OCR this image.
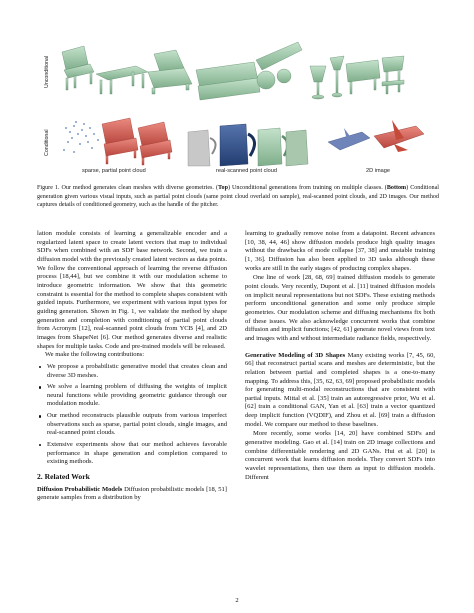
Unconditional
Conditional
sparse, partial point cloud	real-scanned point cloud	2D image
Figure 1. Our method generates clean meshes with diverse geometries. (Top) Unconditional generations from training on multiple classes. (Bottom) Conditional generation given various visual inputs, such as partial point clouds (same point cloud overlaid on sample), real-scanned point clouds, and 2D images. Our method captures details of conditioned geometry, such as the handle of the pitcher.

lation module consists of learning a generalizable encoder and a regularized latent space to create latent vectors that map to individual SDFs when combined with an SDF base network. Second, we train a diffusion model with the previously created latent vectors as data points. We follow the conventional approach of learning the reverse diffusion process [18,44], but we combine it with our modulation scheme to introduce geometric information. We show that this geometric constraint is essential for the method to complete shapes consistent with guided inputs. Furthermore, we experiment with various input types for guiding generation. Shown in Fig. 1, we validate the method by shape generation and completion with conditioning of partial point clouds from Acronym [12], real-scanned point clouds from YCB [4], and 2D images from ShapeNet [6]. Our method generates diverse and realistic shapes for multiple tasks. Code and pre-trained models will be released.

We make the following contributions:

We propose a probabilistic generative model that creates clean and diverse 3D meshes.
We solve a learning problem of diffusing the weights of implicit neural functions while providing geometric guidance through our modulation module.
Our method reconstructs plausible outputs from various imperfect observations such as sparse, partial point clouds, single images, and real-scanned point clouds.
Extensive experiments show that our method achieves favorable performance in shape generation and completion compared to existing methods.
2. Related Work

Diffusion Probabilistic Models Diffusion probabilistic models [18, 51] generate samples from a distribution by

learning to gradually remove noise from a datapoint. Recent advances [10, 38, 44, 46] show diffusion models produce high quality images without the drawbacks of mode collapse [37, 38] and unstable training [1, 36]. Diffusion has also been applied to 3D tasks although these works are still in the early stages of producing complex shapes.

One line of work [28, 68, 69] trained diffusion models to generate point clouds. Very recently, Dupont et al. [11] trained diffusion models on implicit neural representations but not SDFs. These existing methods perform unconditional generation and some only produce simple geometries. Our modulation scheme and diffusing mechanisms fix both of these issues. We also acknowledge concurrent works that combine diffusion and implicit functions; [42, 61] generate novel views from text and images with and without intermediate radiance fields, respectively.

Generative Modeling of 3D Shapes Many existing works [7, 45, 60, 66] that reconstruct partial scans and meshes are deterministic, but the relation between partial and completed shapes is a one-to-many mapping. To address this, [35, 62, 63, 69] proposed probabilistic models for generating multi-modal reconstructions that are consistent with partial inputs. Mittal et al. [35] train an autoregressive prior, Wu et al. [62] train a conditional GAN, Yan et al. [63] train a vector quantized deep implicit function (VQDIF), and Zhou et al. [69] train a diffusion model. We compare our method to these baselines.

More recently, some works [14, 20] have combined SDFs and generative modeling. Gao et al. [14] train on 2D image collections and combine differentiable rendering and 2D GANs. Hui et al. [20] is concurrent work that learns diffusion models. They convert SDFs into wavelet representations, then use them as input to diffusion models. Different

2
